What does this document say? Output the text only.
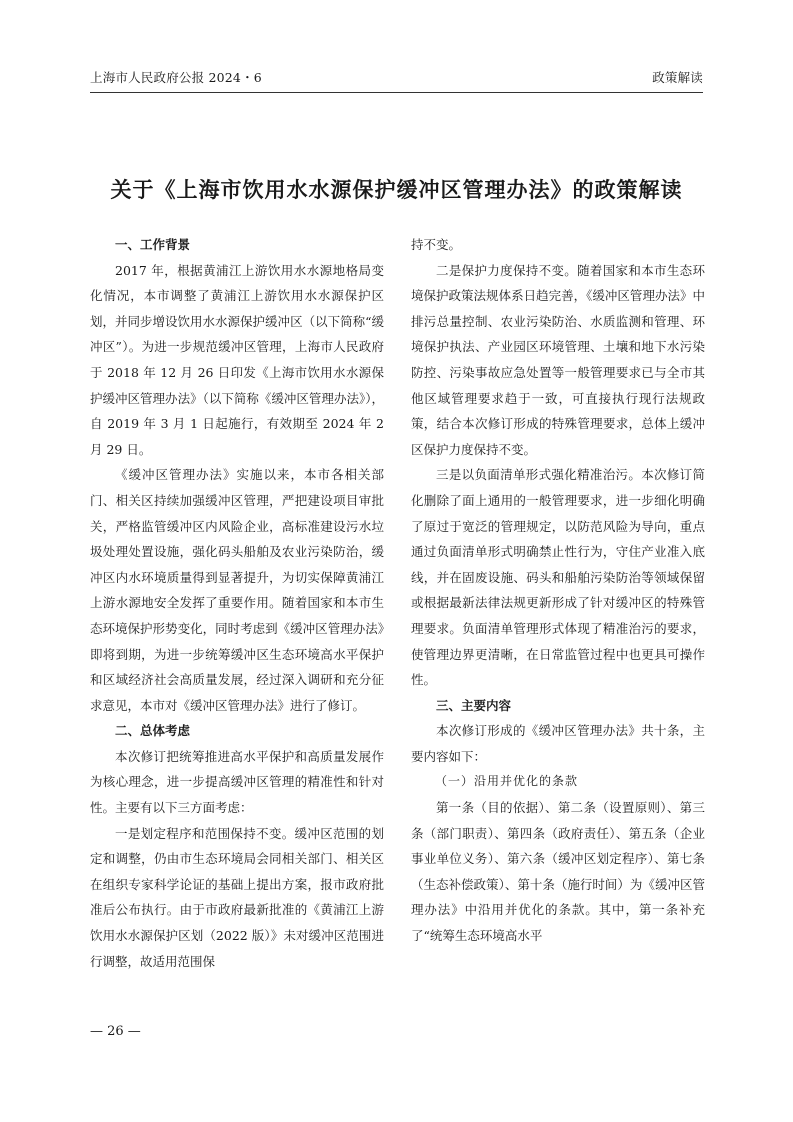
上海市人民政府公报 2024・6	政策解读
关于《上海市饮用水水源保护缓冲区管理办法》的政策解读
一、工作背景

2017 年，根据黄浦江上游饮用水水源地格局变化情况，本市调整了黄浦江上游饮用水水源保护区划，并同步增设饮用水水源保护缓冲区（以下简称“缓冲区”）。为进一步规范缓冲区管理，上海市人民政府于 2018 年 12 月 26 日印发《上海市饮用水水源保护缓冲区管理办法》（以下简称《缓冲区管理办法》），自 2019 年 3 月 1 日起施行，有效期至 2024 年 2 月 29 日。

《缓冲区管理办法》实施以来，本市各相关部门、相关区持续加强缓冲区管理，严把建设项目审批关，严格监管缓冲区内风险企业，高标准建设污水垃圾处理处置设施，强化码头船舶及农业污染防治，缓冲区内水环境质量得到显著提升，为切实保障黄浦江上游水源地安全发挥了重要作用。随着国家和本市生态环境保护形势变化，同时考虑到《缓冲区管理办法》即将到期，为进一步统筹缓冲区生态环境高水平保护和区域经济社会高质量发展，经过深入调研和充分征求意见，本市对《缓冲区管理办法》进行了修订。

二、总体考虑

本次修订把统筹推进高水平保护和高质量发展作为核心理念，进一步提高缓冲区管理的精准性和针对性。主要有以下三方面考虑：

一是划定程序和范围保持不变。缓冲区范围的划定和调整，仍由市生态环境局会同相关部门、相关区在组织专家科学论证的基础上提出方案，报市政府批准后公布执行。由于市政府最新批准的《黄浦江上游饮用水水源保护区划（2022 版）》未对缓冲区范围进行调整，故适用范围保

持不变。

二是保护力度保持不变。随着国家和本市生态环境保护政策法规体系日趋完善，《缓冲区管理办法》中排污总量控制、农业污染防治、水质监测和管理、环境保护执法、产业园区环境管理、土壤和地下水污染防控、污染事故应急处置等一般管理要求已与全市其他区域管理要求趋于一致，可直接执行现行法规政策，结合本次修订形成的特殊管理要求，总体上缓冲区保护力度保持不变。

三是以负面清单形式强化精准治污。本次修订简化删除了面上通用的一般管理要求，进一步细化明确了原过于宽泛的管理规定，以防范风险为导向，重点通过负面清单形式明确禁止性行为，守住产业准入底线，并在固废设施、码头和船舶污染防治等领域保留或根据最新法律法规更新形成了针对缓冲区的特殊管理要求。负面清单管理形式体现了精准治污的要求，使管理边界更清晰，在日常监管过程中也更具可操作性。

三、主要内容

本次修订形成的《缓冲区管理办法》共十条，主要内容如下：

（一）沿用并优化的条款

第一条（目的依据）、第二条（设置原则）、第三条（部门职责）、第四条（政府责任）、第五条（企业事业单位义务）、第六条（缓冲区划定程序）、第七条（生态补偿政策）、第十条（施行时间）为《缓冲区管理办法》中沿用并优化的条款。其中，第一条补充了“统筹生态环境高水平

— 26 —
